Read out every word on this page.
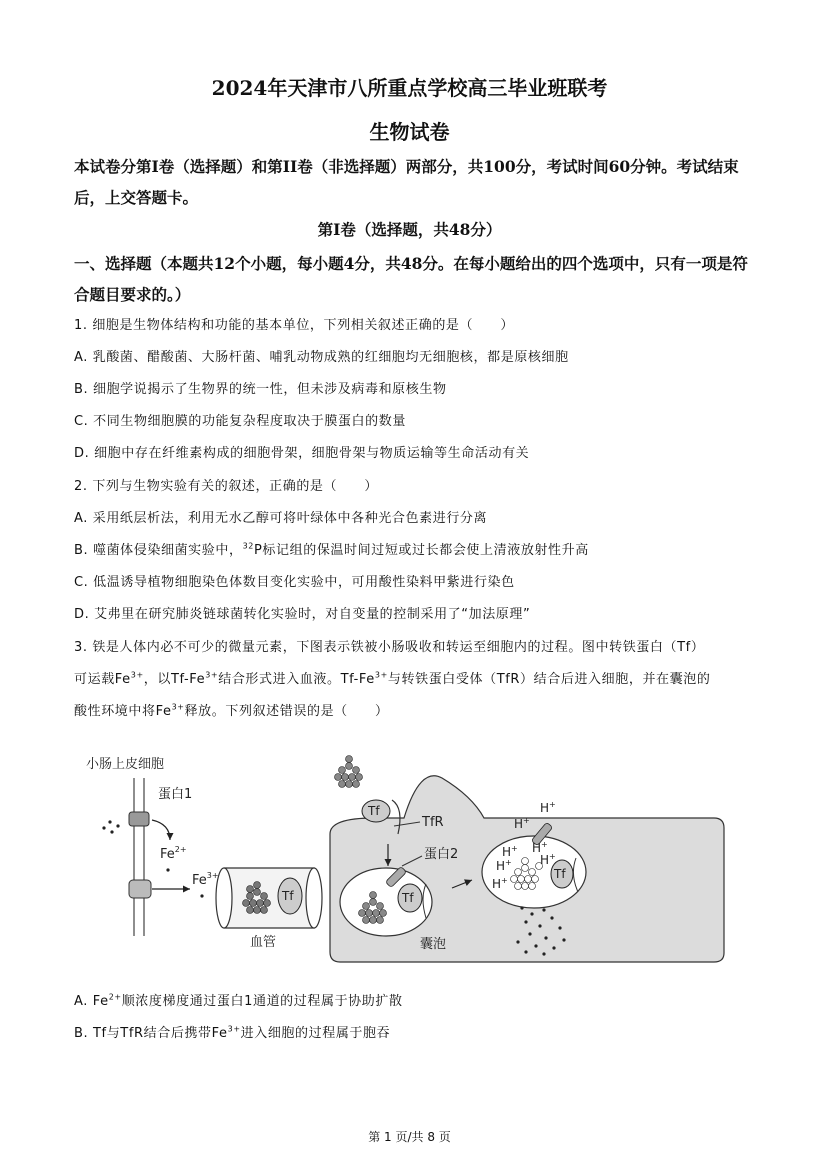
2024年天津市八所重点学校高三毕业班联考
生物试卷
本试卷分第I卷（选择题）和第II卷（非选择题）两部分，共100分，考试时间60分钟。考试结束后，上交答题卡。
第I卷（选择题，共48分）
一、选择题（本题共12个小题，每小题4分，共48分。在每小题给出的四个选项中，只有一项是符合题目要求的。）
1. 细胞是生物体结构和功能的基本单位，下列相关叙述正确的是（　　）
A. 乳酸菌、醋酸菌、大肠杆菌、哺乳动物成熟的红细胞均无细胞核，都是原核细胞
B. 细胞学说揭示了生物界的统一性，但未涉及病毒和原核生物
C. 不同生物细胞膜的功能复杂程度取决于膜蛋白的数量
D. 细胞中存在纤维素构成的细胞骨架，细胞骨架与物质运输等生命活动有关
2. 下列与生物实验有关的叙述，正确的是（　　）
A. 采用纸层析法，利用无水乙醇可将叶绿体中各种光合色素进行分离
B. 噬菌体侵染细菌实验中，$^{32}$P标记组的保温时间过短或过长都会使上清液放射性升高
C. 低温诱导植物细胞染色体数目变化实验中，可用酸性染料甲紫进行染色
D. 艾弗里在研究肺炎链球菌转化实验时，对自变量的控制采用了“加法原理”
3. 铁是人体内必不可少的微量元素，下图表示铁被小肠吸收和转运至细胞内的过程。图中转铁蛋白（Tf）
可运载$Fe^{3+}$，以$Tf-Fe^{3+}$结合形式进入血液。$Tf-Fe^{3+}$与转铁蛋白受体（TfR）结合后进入细胞，并在囊泡的
酸性环境中将$Fe^{3+}$释放。下列叙述错误的是（　　）
小肠上皮细胞
蛋白1
$Fe^{2+}$
$Fe^{3+}$
Tf
血管
Tf
TfR
蛋白2
Tf
囊泡
Tf
H+
H+
H+
H+
H+
H+
H+
A. $Fe^{2+}$顺浓度梯度通过蛋白1通道的过程属于协助扩散
B. Tf与TfR结合后携带$Fe^{3+}$进入细胞的过程属于胞吞
第 1 页/共 8 页
